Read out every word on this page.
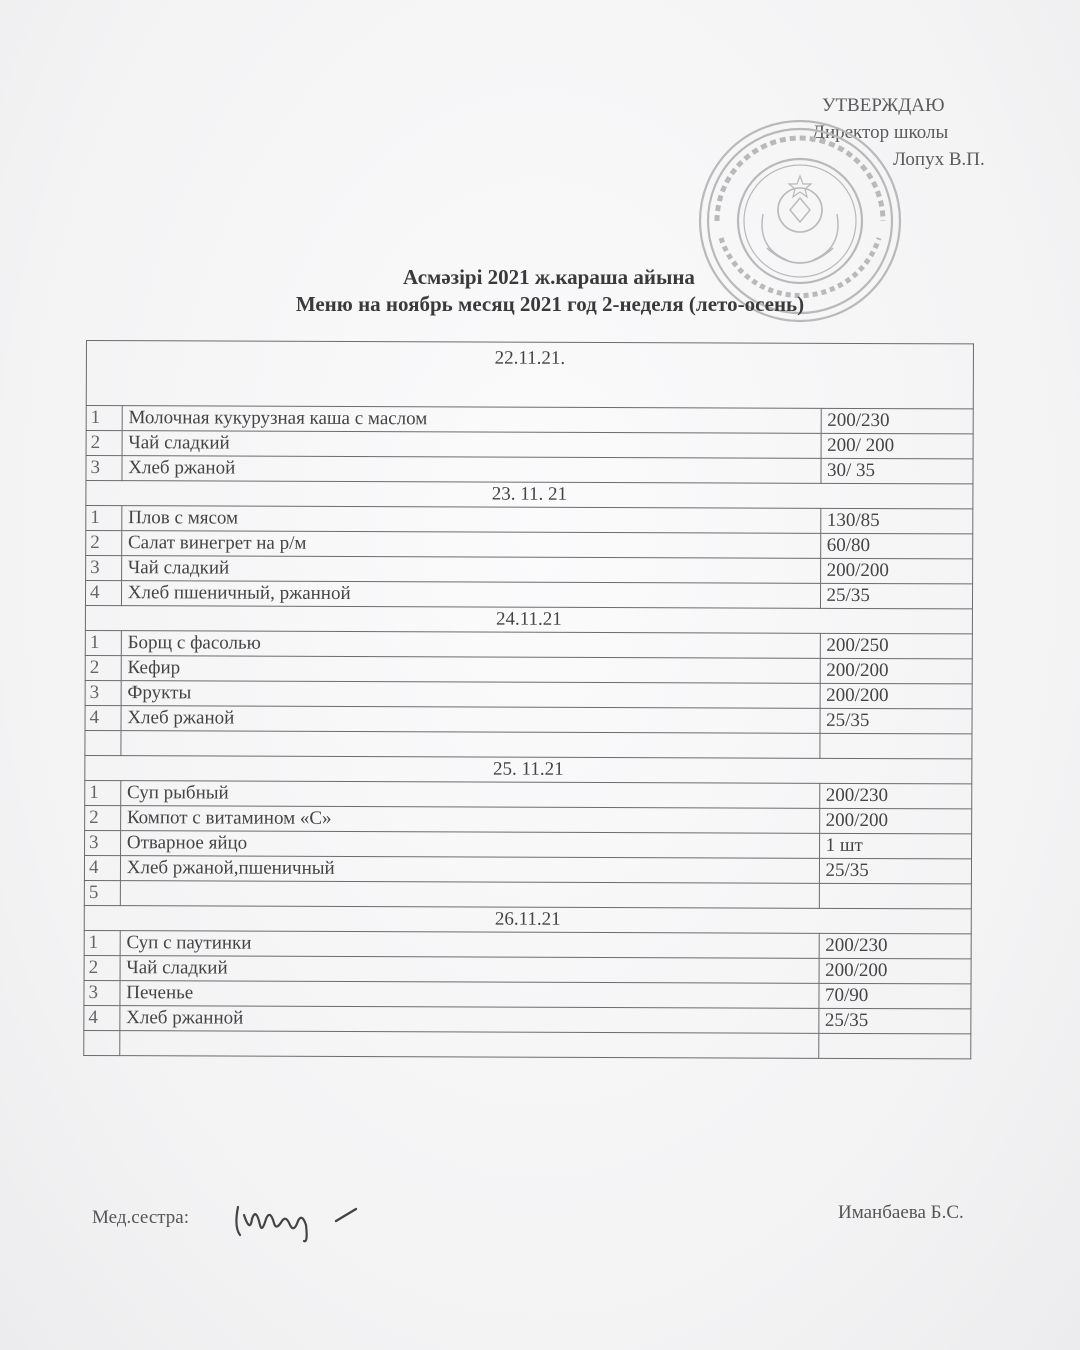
УТВЕРЖДАЮ
Директор школы
Лопух В.П.
Асмәзірі 2021 ж.караша айына
Меню на ноябрь месяц 2021 год 2-неделя (лето-осень)
22.11.21.		
1	Молочная кукурузная каша с маслом	200/230
2	Чай сладкий	200/ 200
3	Хлеб ржаной	30/ 35
23. 11. 21		
1	Плов с мясом	130/85
2	Салат винегрет на р/м	60/80
3	Чай сладкий	200/200
4	Хлеб пшеничный, ржанной	25/35
24.11.21		
1	Борщ с фасолью	200/250
2	Кефир	200/200
3	Фрукты	200/200
4	Хлеб ржаной	25/35

25. 11.21		
1	Суп рыбный	200/230
2	Компот с витамином «С»	200/200
3	Отварное яйцо	1 шт
4	Хлеб ржаной,пшеничный	25/35
5		
26.11.21		
1	Суп с паутинки	200/230
2	Чай сладкий	200/200
3	Печенье	70/90
4	Хлеб ржанной	25/35

Мед.сестра:	Иманбаева Б.С.
